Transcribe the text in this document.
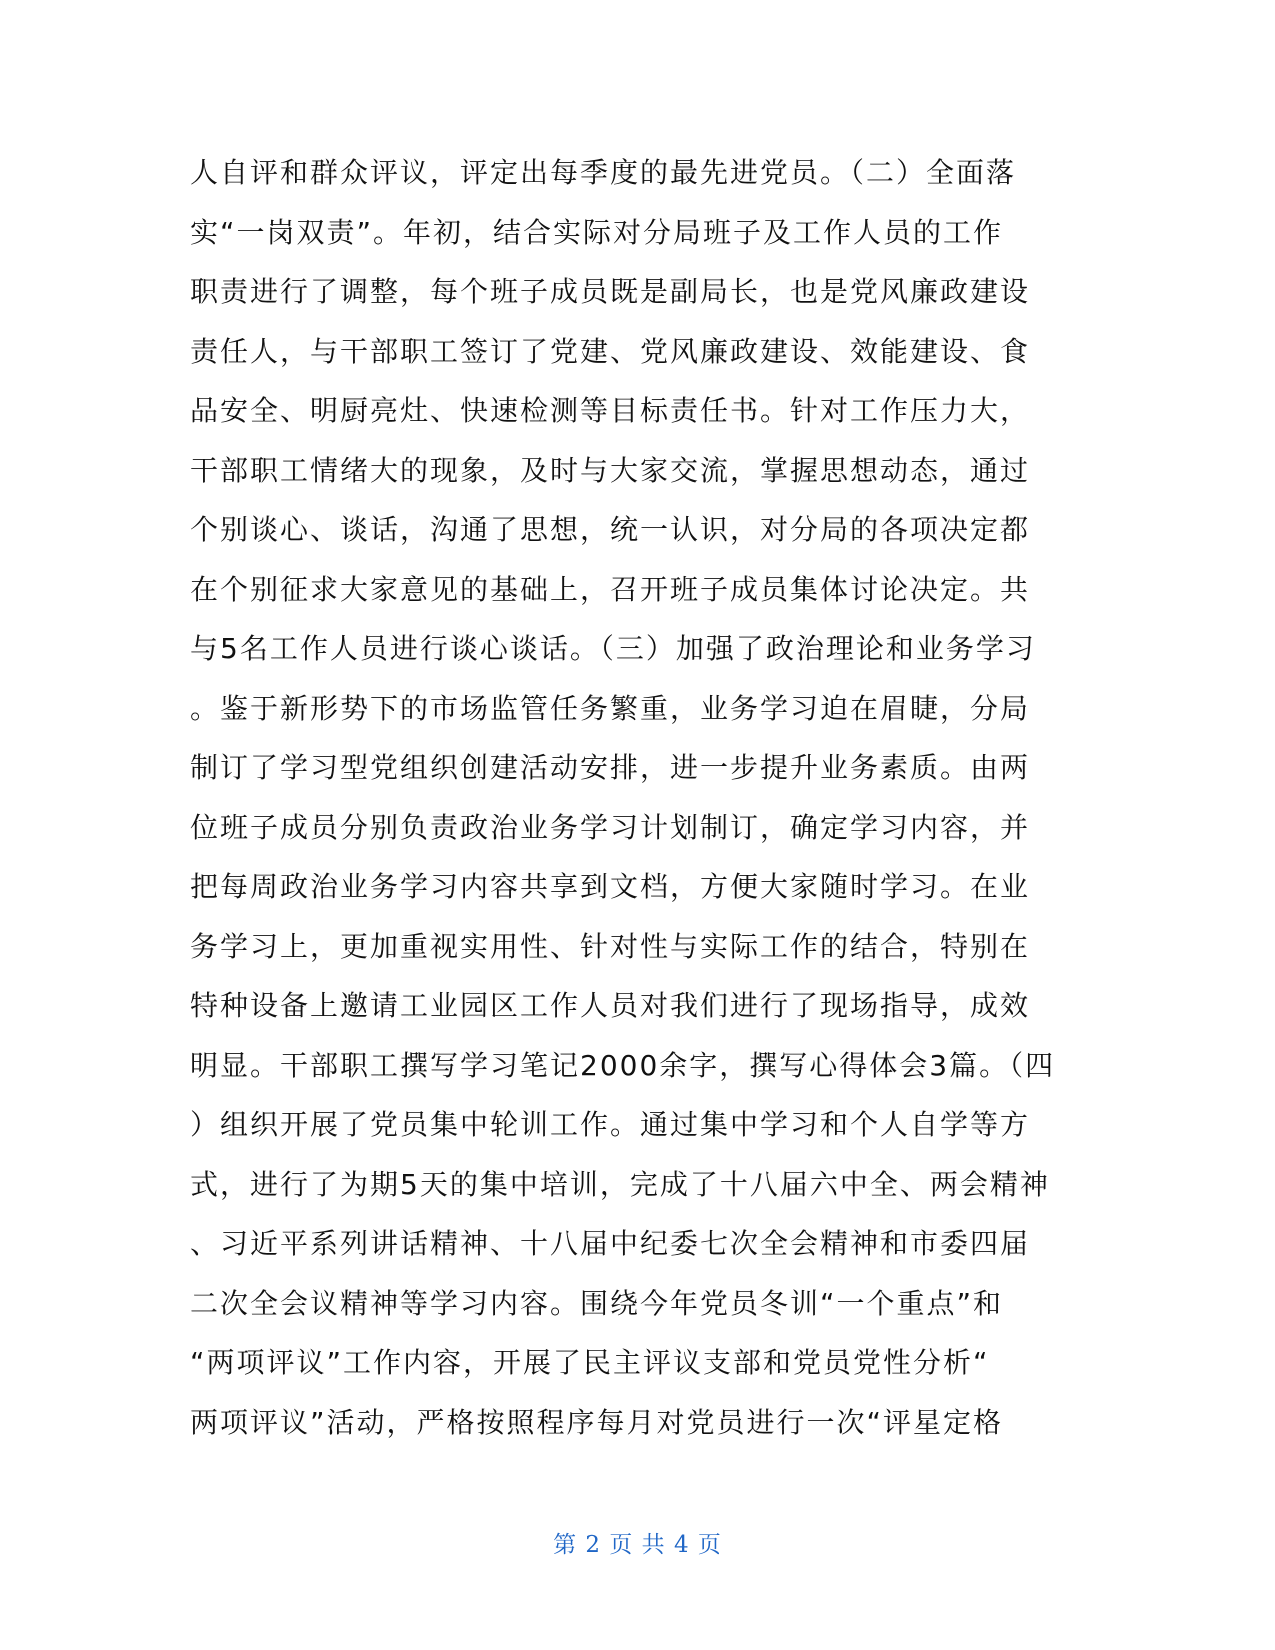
人自评和群众评议，评定出每季度的最先进党员。（二）全面落
实“一岗双责”。年初，结合实际对分局班子及工作人员的工作
职责进行了调整，每个班子成员既是副局长，也是党风廉政建设
责任人，与干部职工签订了党建、党风廉政建设、效能建设、食
品安全、明厨亮灶、快速检测等目标责任书。针对工作压力大，
干部职工情绪大的现象，及时与大家交流，掌握思想动态，通过
个别谈心、谈话，沟通了思想，统一认识，对分局的各项决定都
在个别征求大家意见的基础上，召开班子成员集体讨论决定。共
与5名工作人员进行谈心谈话。（三）加强了政治理论和业务学习
。鉴于新形势下的市场监管任务繁重，业务学习迫在眉睫，分局
制订了学习型党组织创建活动安排，进一步提升业务素质。由两
位班子成员分别负责政治业务学习计划制订，确定学习内容，并
把每周政治业务学习内容共享到文档，方便大家随时学习。在业
务学习上，更加重视实用性、针对性与实际工作的结合，特别在
特种设备上邀请工业园区工作人员对我们进行了现场指导，成效
明显。干部职工撰写学习笔记2000余字，撰写心得体会3篇。（四
）组织开展了党员集中轮训工作。通过集中学习和个人自学等方
式，进行了为期5天的集中培训，完成了十八届六中全、两会精神
、习近平系列讲话精神、十八届中纪委七次全会精神和市委四届
二次全会议精神等学习内容。围绕今年党员冬训“一个重点”和
“两项评议”工作内容，开展了民主评议支部和党员党性分析“
两项评议”活动，严格按照程序每月对党员进行一次“评星定格
第 2 页 共 4 页
